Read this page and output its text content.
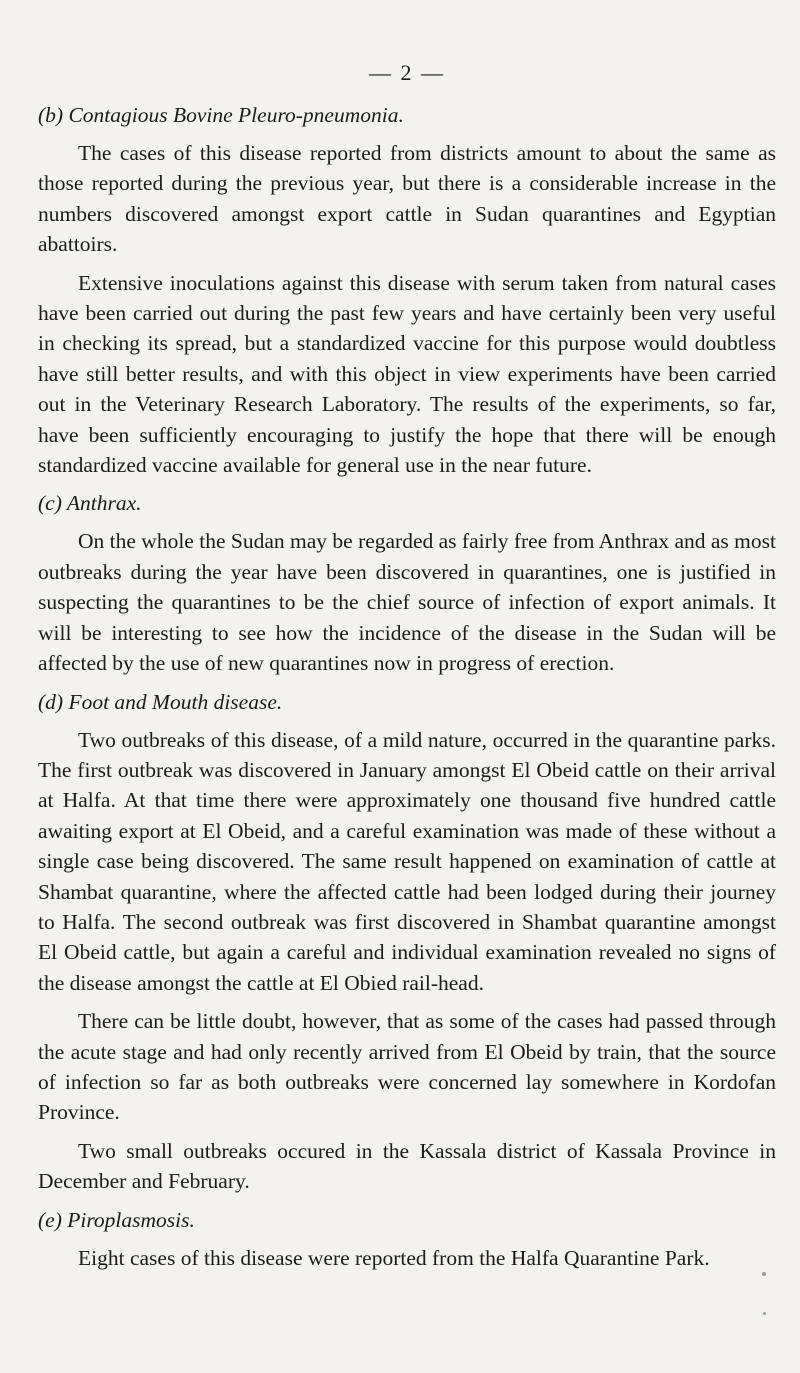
— 2 —
(b) Contagious Bovine Pleuro-pneumonia.

The cases of this disease reported from districts amount to about the same as those reported during the previous year, but there is a considerable increase in the numbers discovered amongst export cattle in Sudan quarantines and Egyptian abattoirs.

Extensive inoculations against this disease with serum taken from natural cases have been carried out during the past few years and have certainly been very useful in checking its spread, but a standardized vaccine for this purpose would doubtless have still better results, and with this object in view experiments have been carried out in the Veterinary Research Laboratory. The results of the experiments, so far, have been sufficiently encouraging to justify the hope that there will be enough standardized vaccine available for general use in the near future.

(c) Anthrax.

On the whole the Sudan may be regarded as fairly free from Anthrax and as most outbreaks during the year have been discovered in quarantines, one is justified in suspecting the quarantines to be the chief source of infection of export animals. It will be interesting to see how the incidence of the disease in the Sudan will be affected by the use of new quarantines now in progress of erection.

(d) Foot and Mouth disease.

Two outbreaks of this disease, of a mild nature, occurred in the quarantine parks. The first outbreak was discovered in January amongst El Obeid cattle on their arrival at Halfa. At that time there were approximately one thousand five hundred cattle awaiting export at El Obeid, and a careful examination was made of these without a single case being discovered. The same result happened on examination of cattle at Shambat quarantine, where the affected cattle had been lodged during their journey to Halfa. The second outbreak was first discovered in Shambat quarantine amongst El Obeid cattle, but again a careful and individual examination revealed no signs of the disease amongst the cattle at El Obied rail-head.

There can be little doubt, however, that as some of the cases had passed through the acute stage and had only recently arrived from El Obeid by train, that the source of infection so far as both outbreaks were concerned lay somewhere in Kordofan Province.

Two small outbreaks occured in the Kassala district of Kassala Province in December and February.

(e) Piroplasmosis.

Eight cases of this disease were reported from the Halfa Quarantine Park.
